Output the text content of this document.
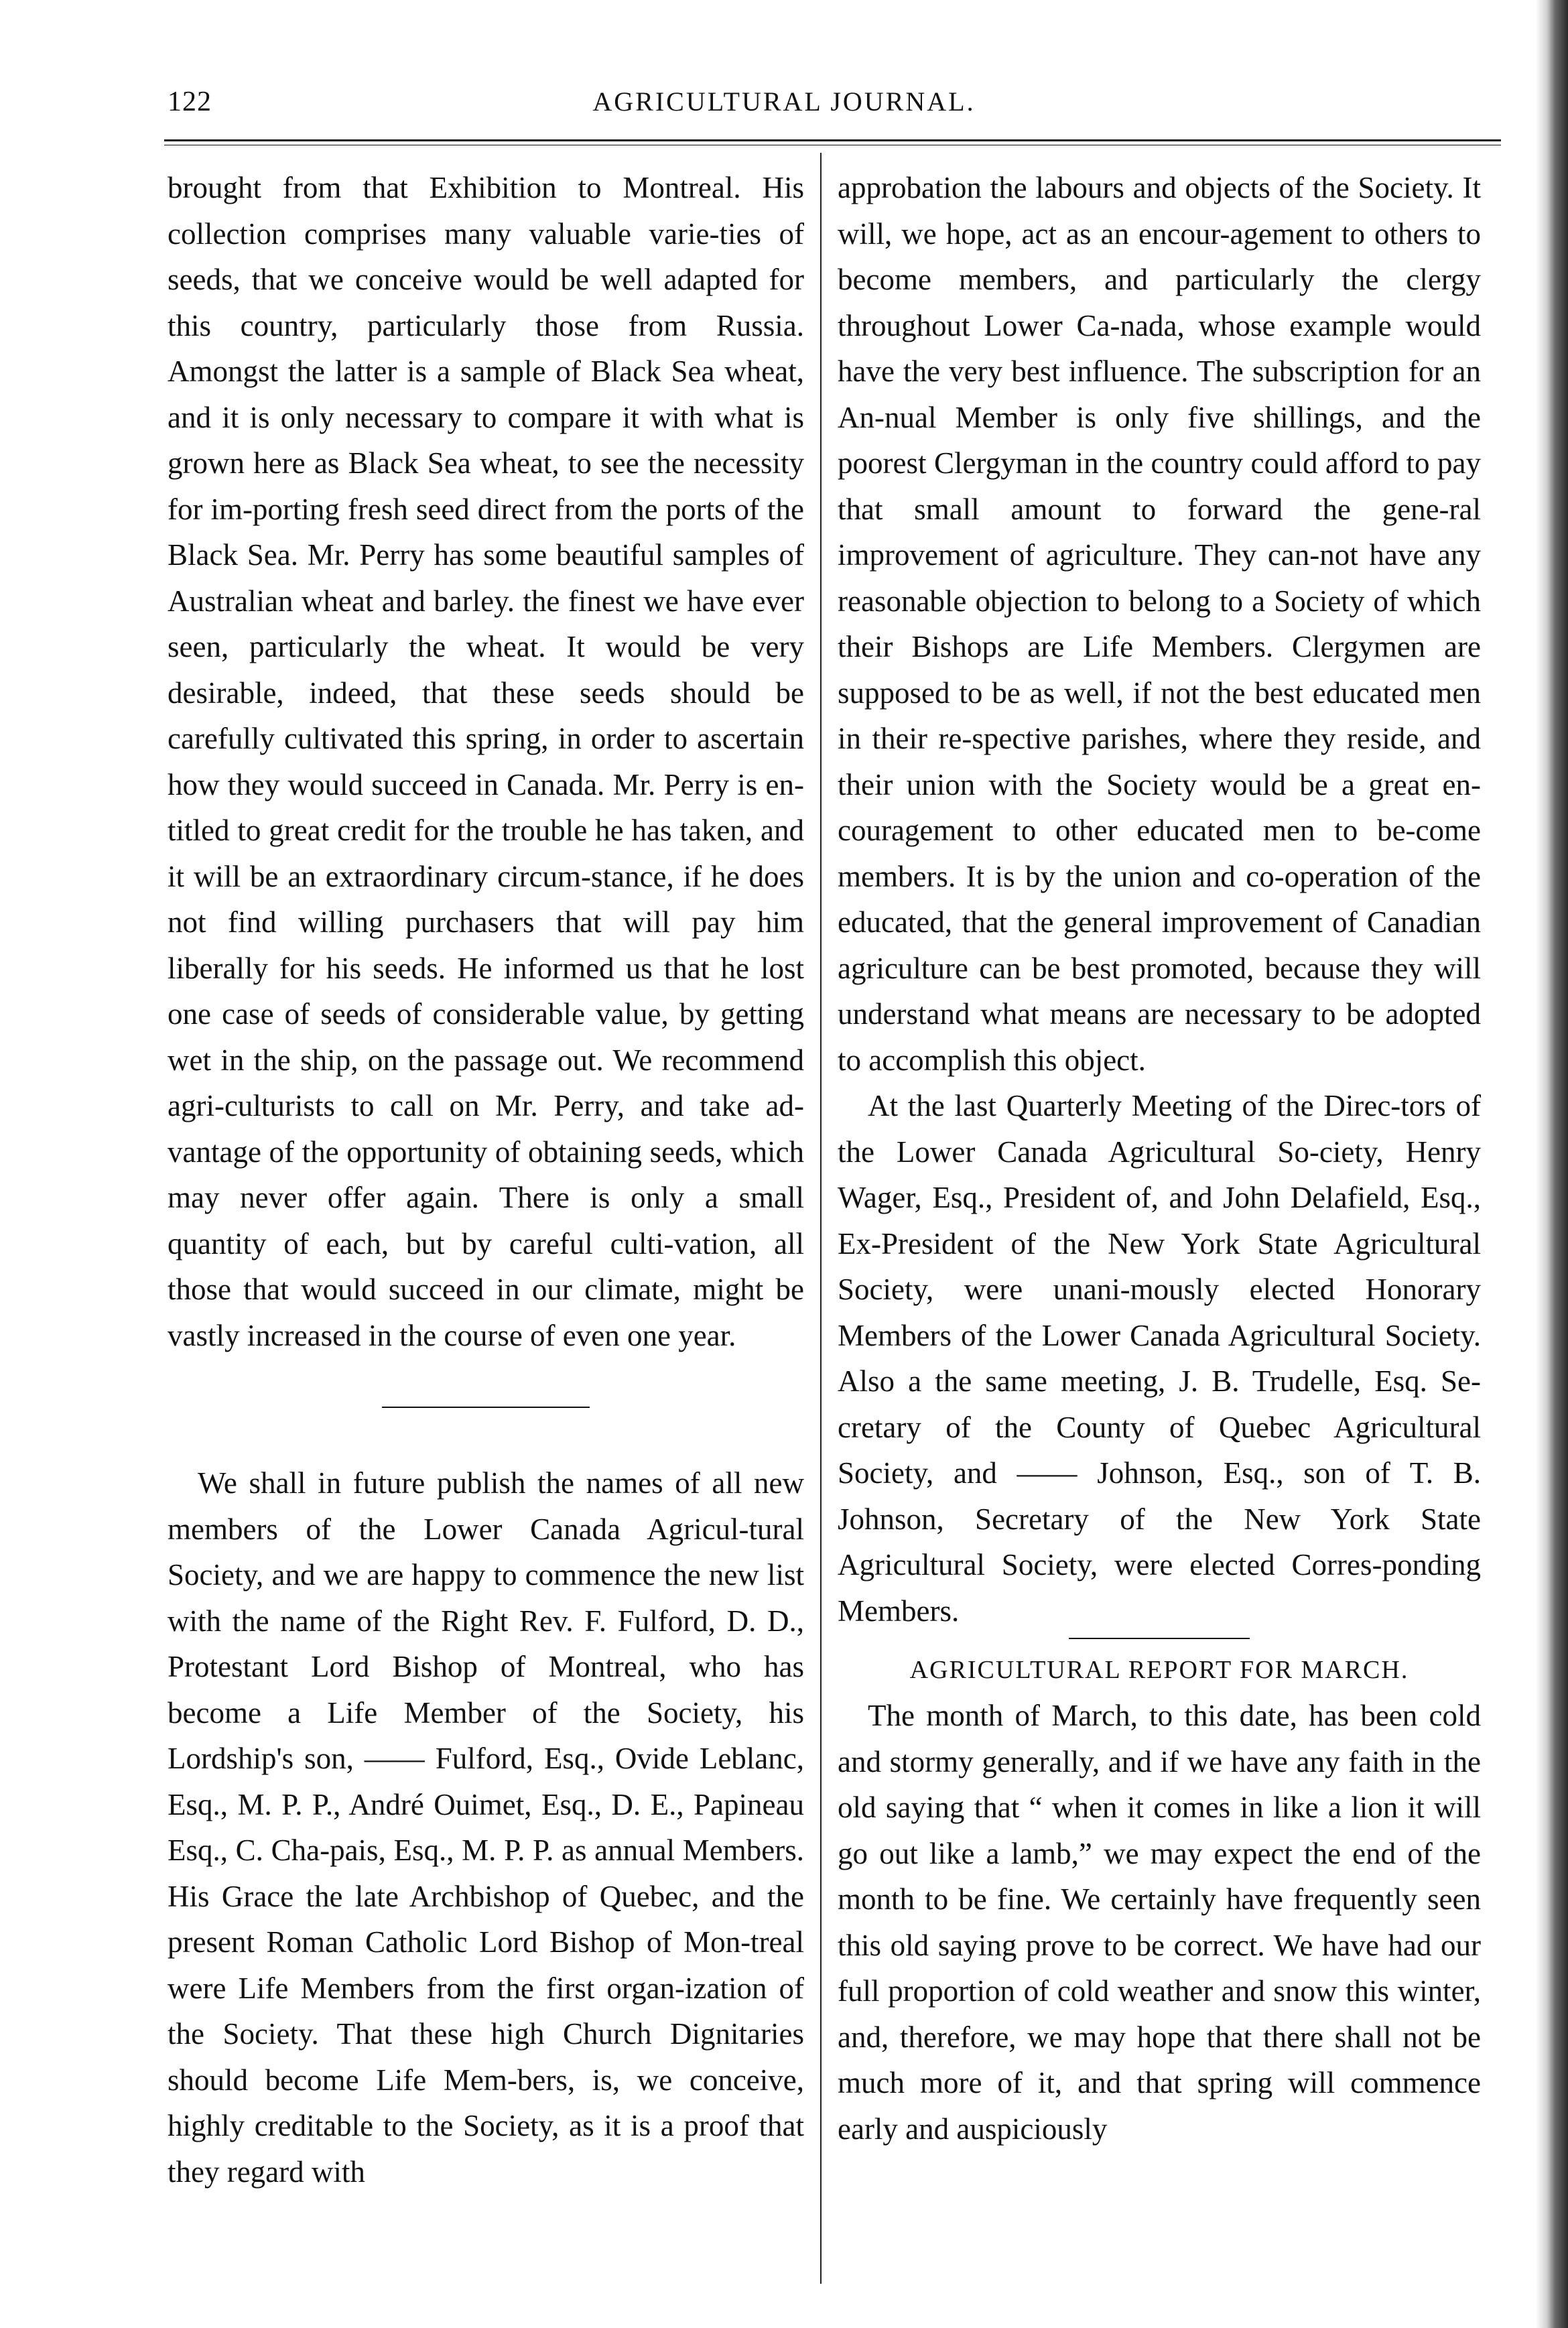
122	AGRICULTURAL JOURNAL.

brought from that Exhibition to Montreal. His collection comprises many valuable varie-ties of seeds, that we conceive would be well adapted for this country, particularly those from Russia. Amongst the latter is a sample of Black Sea wheat, and it is only necessary to compare it with what is grown here as Black Sea wheat, to see the necessity for im-porting fresh seed direct from the ports of the Black Sea. Mr. Perry has some beautiful samples of Australian wheat and barley. the finest we have ever seen, particularly the wheat. It would be very desirable, indeed, that these seeds should be carefully cultivated this spring, in order to ascertain how they would succeed in Canada. Mr. Perry is en-titled to great credit for the trouble he has taken, and it will be an extraordinary circum-stance, if he does not find willing purchasers that will pay him liberally for his seeds. He informed us that he lost one case of seeds of considerable value, by getting wet in the ship, on the passage out. We recommend agri-culturists to call on Mr. Perry, and take ad-vantage of the opportunity of obtaining seeds, which may never offer again. There is only a small quantity of each, but by careful culti-vation, all those that would succeed in our climate, might be vastly increased in the course of even one year.

We shall in future publish the names of all new members of the Lower Canada Agricul-tural Society, and we are happy to commence the new list with the name of the Right Rev. F. Fulford, D. D., Protestant Lord Bishop of Montreal, who has become a Life Member of the Society, his Lordship's son, —— Fulford, Esq., Ovide Leblanc, Esq., M. P. P., André Ouimet, Esq., D. E., Papineau Esq., C. Cha-pais, Esq., M. P. P. as annual Members. His Grace the late Archbishop of Quebec, and the present Roman Catholic Lord Bishop of Mon-treal were Life Members from the first organ-ization of the Society. That these high Church Dignitaries should become Life Mem-bers, is, we conceive, highly creditable to the Society, as it is a proof that they regard with

approbation the labours and objects of the Society. It will, we hope, act as an encour-agement to others to become members, and particularly the clergy throughout Lower Ca-nada, whose example would have the very best influence. The subscription for an An-nual Member is only five shillings, and the poorest Clergyman in the country could afford to pay that small amount to forward the gene-ral improvement of agriculture. They can-not have any reasonable objection to belong to a Society of which their Bishops are Life Members. Clergymen are supposed to be as well, if not the best educated men in their re-spective parishes, where they reside, and their union with the Society would be a great en-couragement to other educated men to be-come members. It is by the union and co-operation of the educated, that the general improvement of Canadian agriculture can be best promoted, because they will understand what means are necessary to be adopted to accomplish this object.

At the last Quarterly Meeting of the Direc-tors of the Lower Canada Agricultural So-ciety, Henry Wager, Esq., President of, and John Delafield, Esq., Ex-President of the New York State Agricultural Society, were unani-mously elected Honorary Members of the Lower Canada Agricultural Society. Also a the same meeting, J. B. Trudelle, Esq. Se-cretary of the County of Quebec Agricultural Society, and —— Johnson, Esq., son of T. B. Johnson, Secretary of the New York State Agricultural Society, were elected Corres-ponding Members.

AGRICULTURAL REPORT FOR MARCH.

The month of March, to this date, has been cold and stormy generally, and if we have any faith in the old saying that “ when it comes in like a lion it will go out like a lamb,” we may expect the end of the month to be fine. We certainly have frequently seen this old saying prove to be correct. We have had our full proportion of cold weather and snow this winter, and, therefore, we may hope that there shall not be much more of it, and that spring will commence early and auspiciously
